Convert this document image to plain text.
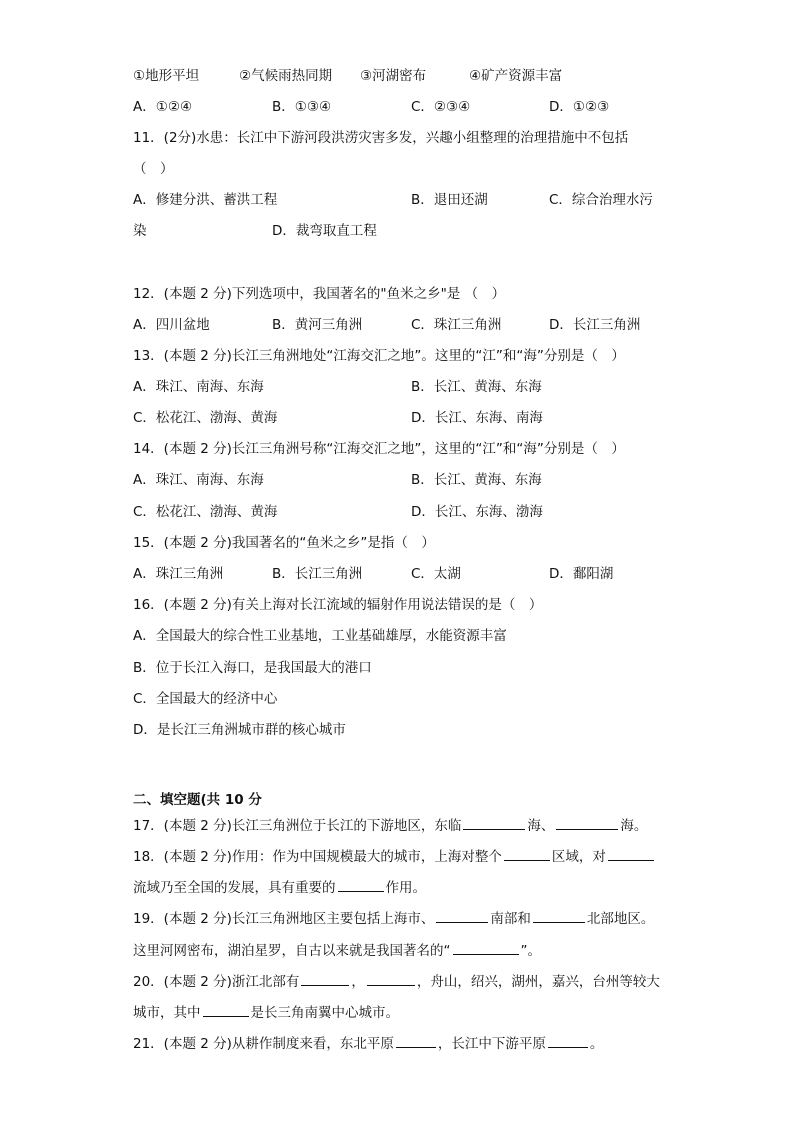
①地形平坦	②气候雨热同期 ③河湖密布	④矿产资源丰富
A．①②④	B．①③④	C．②③④	D．①②③
11．(2分)水患：长江中下游河段洪涝灾害多发，兴趣小组整理的治理措施中不包括
（　）
A．修建分洪、蓄洪工程	B．退田还湖	C．综合治理水污
染	D．裁弯取直工程
12．(本题 2 分)下列选项中，我国著名的"鱼米之乡"是 （　）
A．四川盆地	B．黄河三角洲	C．珠江三角洲	D．长江三角洲
13．(本题 2 分)长江三角洲地处“江海交汇之地”。这里的“江”和“海”分别是（　）
A．珠江、南海、东海	B．长江、黄海、东海
C．松花江、渤海、黄海	D．长江、东海、南海
14．(本题 2 分)长江三角洲号称“江海交汇之地”，这里的“江”和“海”分别是（　）
A．珠江、南海、东海	B．长江、黄海、东海
C．松花江、渤海、黄海	D．长江、东海、渤海
15．(本题 2 分)我国著名的“鱼米之乡”是指（　）
A．珠江三角洲	B．长江三角洲	C．太湖	D．鄱阳湖
16．(本题 2 分)有关上海对长江流域的辐射作用说法错误的是（　）
A．全国最大的综合性工业基地，工业基础雄厚，水能资源丰富
B．位于长江入海口，是我国最大的港口
C．全国最大的经济中心
D．是长江三角洲城市群的核心城市
二、填空题(共 10 分
17．(本题 2 分)长江三角洲位于长江的下游地区，东临	海、	海。
18．(本题 2 分)作用：作为中国规模最大的城市，上海对整个	区域，对
流域乃至全国的发展，具有重要的	作用。
19．(本题 2 分)长江三角洲地区主要包括上海市、	南部和	北部地区。
这里河网密布，湖泊星罗，自古以来就是我国著名的“	”。
20．(本题 2 分)浙江北部有	，	，舟山，绍兴，湖州，嘉兴，台州等较大
城市，其中	是长三角南翼中心城市。
21．(本题 2 分)从耕作制度来看，东北平原	，长江中下游平原	。
